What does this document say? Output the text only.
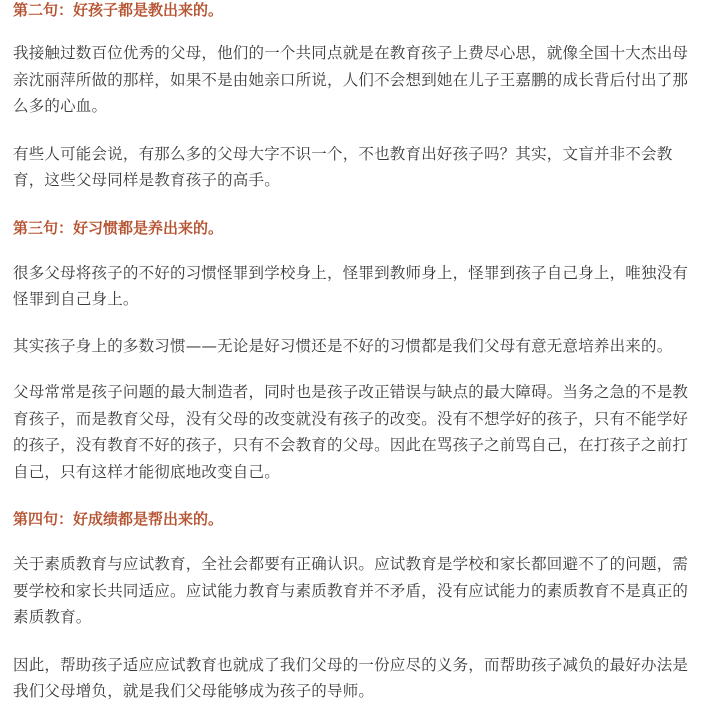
第二句：好孩子都是教出来的。

我接触过数百位优秀的父母，他们的一个共同点就是在教育孩子上费尽心思，就像全国十大杰出母亲沈丽萍所做的那样，如果不是由她亲口所说，人们不会想到她在儿子王嘉鹏的成长背后付出了那么多的心血。

有些人可能会说，有那么多的父母大字不识一个，不也教育出好孩子吗？其实，文盲并非不会教育，这些父母同样是教育孩子的高手。

第三句：好习惯都是养出来的。

很多父母将孩子的不好的习惯怪罪到学校身上，怪罪到教师身上，怪罪到孩子自己身上，唯独没有怪罪到自己身上。

其实孩子身上的多数习惯——无论是好习惯还是不好的习惯都是我们父母有意无意培养出来的。

父母常常是孩子问题的最大制造者，同时也是孩子改正错误与缺点的最大障碍。当务之急的不是教育孩子，而是教育父母，没有父母的改变就没有孩子的改变。没有不想学好的孩子，只有不能学好的孩子，没有教育不好的孩子，只有不会教育的父母。因此在骂孩子之前骂自己，在打孩子之前打自己，只有这样才能彻底地改变自己。

第四句：好成绩都是帮出来的。

关于素质教育与应试教育，全社会都要有正确认识。应试教育是学校和家长都回避不了的问题，需要学校和家长共同适应。应试能力教育与素质教育并不矛盾，没有应试能力的素质教育不是真正的素质教育。

因此，帮助孩子适应应试教育也就成了我们父母的一份应尽的义务，而帮助孩子减负的最好办法是我们父母增负，就是我们父母能够成为孩子的导师。
